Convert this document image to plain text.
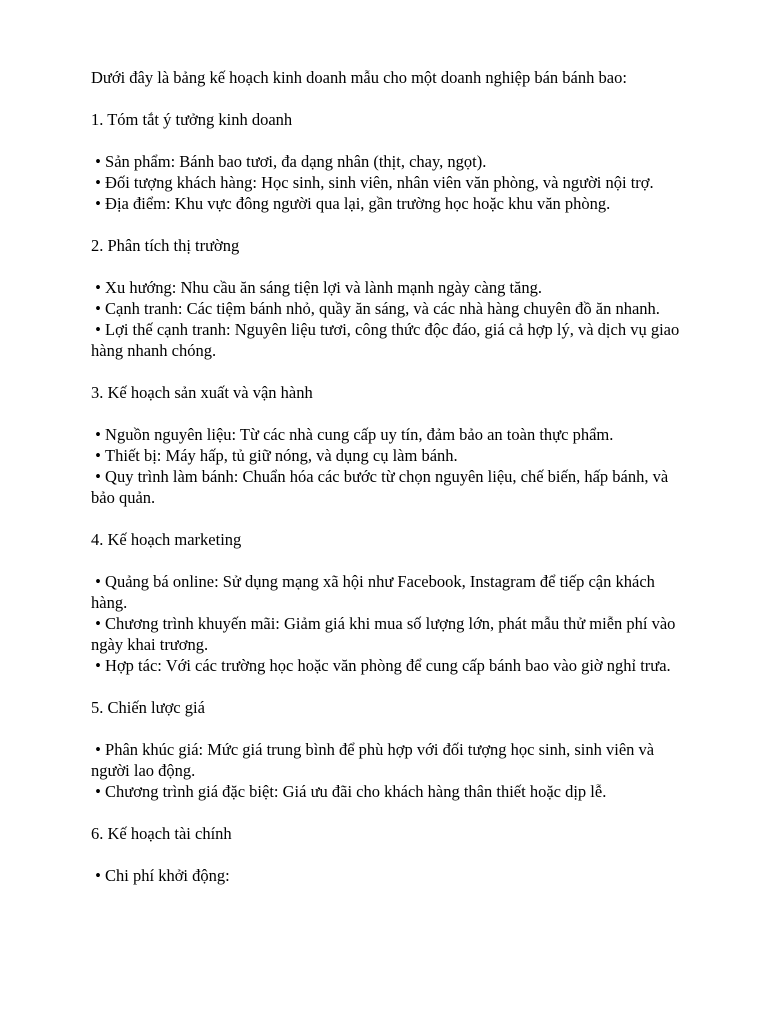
Dưới đây là bảng kế hoạch kinh doanh mẫu cho một doanh nghiệp bán bánh bao:

1. Tóm tắt ý tưởng kinh doanh

• Sản phẩm: Bánh bao tươi, đa dạng nhân (thịt, chay, ngọt).

• Đối tượng khách hàng: Học sinh, sinh viên, nhân viên văn phòng, và người nội trợ.

• Địa điểm: Khu vực đông người qua lại, gần trường học hoặc khu văn phòng.

2. Phân tích thị trường

• Xu hướng: Nhu cầu ăn sáng tiện lợi và lành mạnh ngày càng tăng.

• Cạnh tranh: Các tiệm bánh nhỏ, quầy ăn sáng, và các nhà hàng chuyên đồ ăn nhanh.

• Lợi thế cạnh tranh: Nguyên liệu tươi, công thức độc đáo, giá cả hợp lý, và dịch vụ giao hàng nhanh chóng.

3. Kế hoạch sản xuất và vận hành

• Nguồn nguyên liệu: Từ các nhà cung cấp uy tín, đảm bảo an toàn thực phẩm.

• Thiết bị: Máy hấp, tủ giữ nóng, và dụng cụ làm bánh.

• Quy trình làm bánh: Chuẩn hóa các bước từ chọn nguyên liệu, chế biến, hấp bánh, và bảo quản.

4. Kế hoạch marketing

• Quảng bá online: Sử dụng mạng xã hội như Facebook, Instagram để tiếp cận khách hàng.

• Chương trình khuyến mãi: Giảm giá khi mua số lượng lớn, phát mẫu thử miễn phí vào ngày khai trương.

• Hợp tác: Với các trường học hoặc văn phòng để cung cấp bánh bao vào giờ nghỉ trưa.

5. Chiến lược giá

• Phân khúc giá: Mức giá trung bình để phù hợp với đối tượng học sinh, sinh viên và người lao động.

• Chương trình giá đặc biệt: Giá ưu đãi cho khách hàng thân thiết hoặc dịp lễ.

6. Kế hoạch tài chính

• Chi phí khởi động:
